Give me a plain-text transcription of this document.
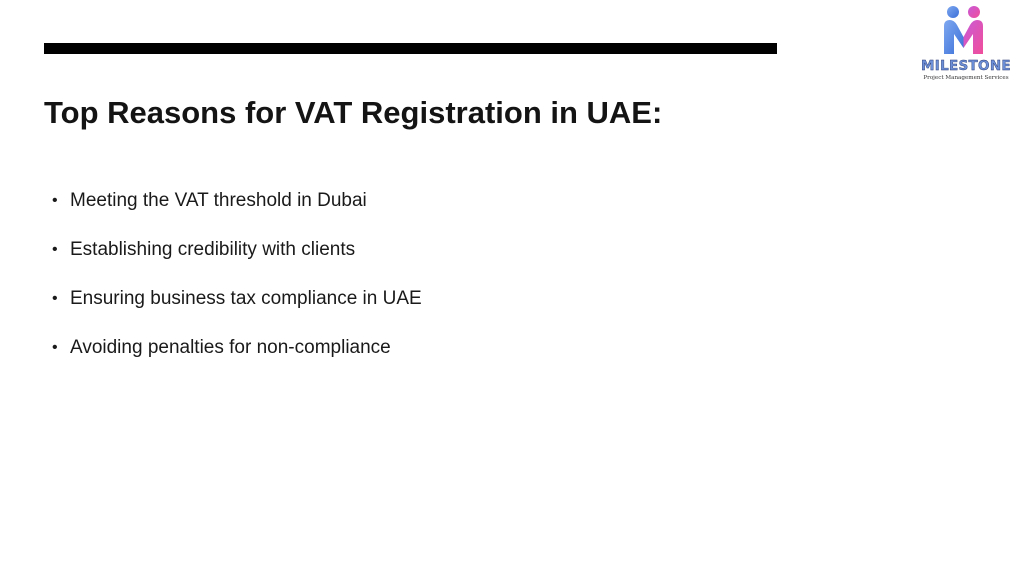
MILESTONE
Project Management Services
Top Reasons for VAT Registration in UAE:
• Meeting the VAT threshold in Dubai
• Establishing credibility with clients
• Ensuring business tax compliance in UAE
• Avoiding penalties for non-compliance
